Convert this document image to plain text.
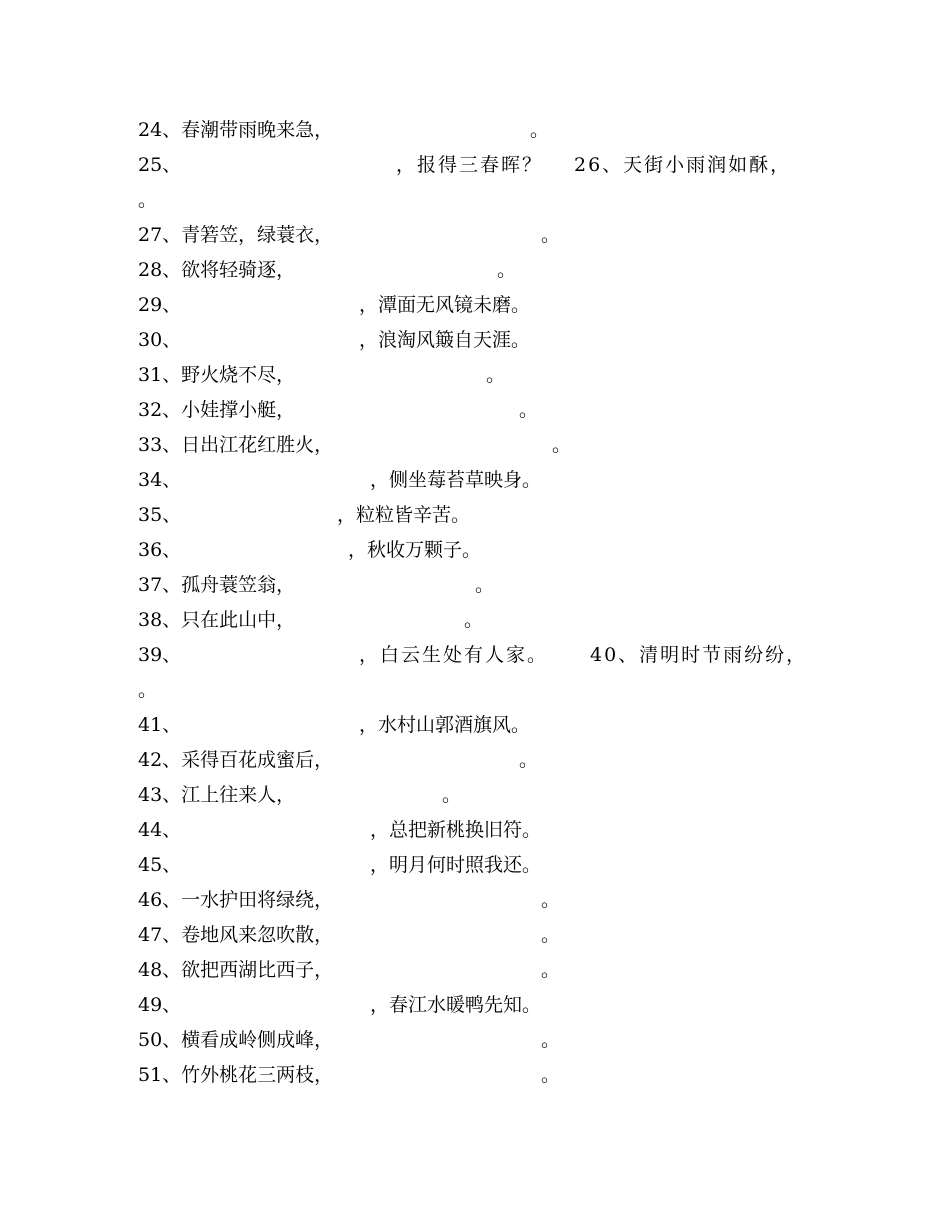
24、春潮带雨晚来急，	。
25、	，报得三春晖？ 26、天街小雨润如酥，
。
27、青箬笠，绿蓑衣，	。
28、欲将轻骑逐，	。
29、	，潭面无风镜未磨。
30、	，浪淘风簸自天涯。
31、野火烧不尽，	。
32、小娃撑小艇，	。
33、日出江花红胜火，	。
34、	，侧坐莓苔草映身。
35、	，粒粒皆辛苦。
36、	，秋收万颗子。
37、孤舟蓑笠翁，	。
38、只在此山中，	。
39、	，白云生处有人家。 40、清明时节雨纷纷，
。
41、	，水村山郭酒旗风。
42、采得百花成蜜后，	。
43、江上往来人，	。
44、	，总把新桃换旧符。
45、	，明月何时照我还。
46、一水护田将绿绕，	。
47、卷地风来忽吹散，	。
48、欲把西湖比西子，	。
49、	，春江水暖鸭先知。
50、横看成岭侧成峰，	。
51、竹外桃花三两枝，	。
